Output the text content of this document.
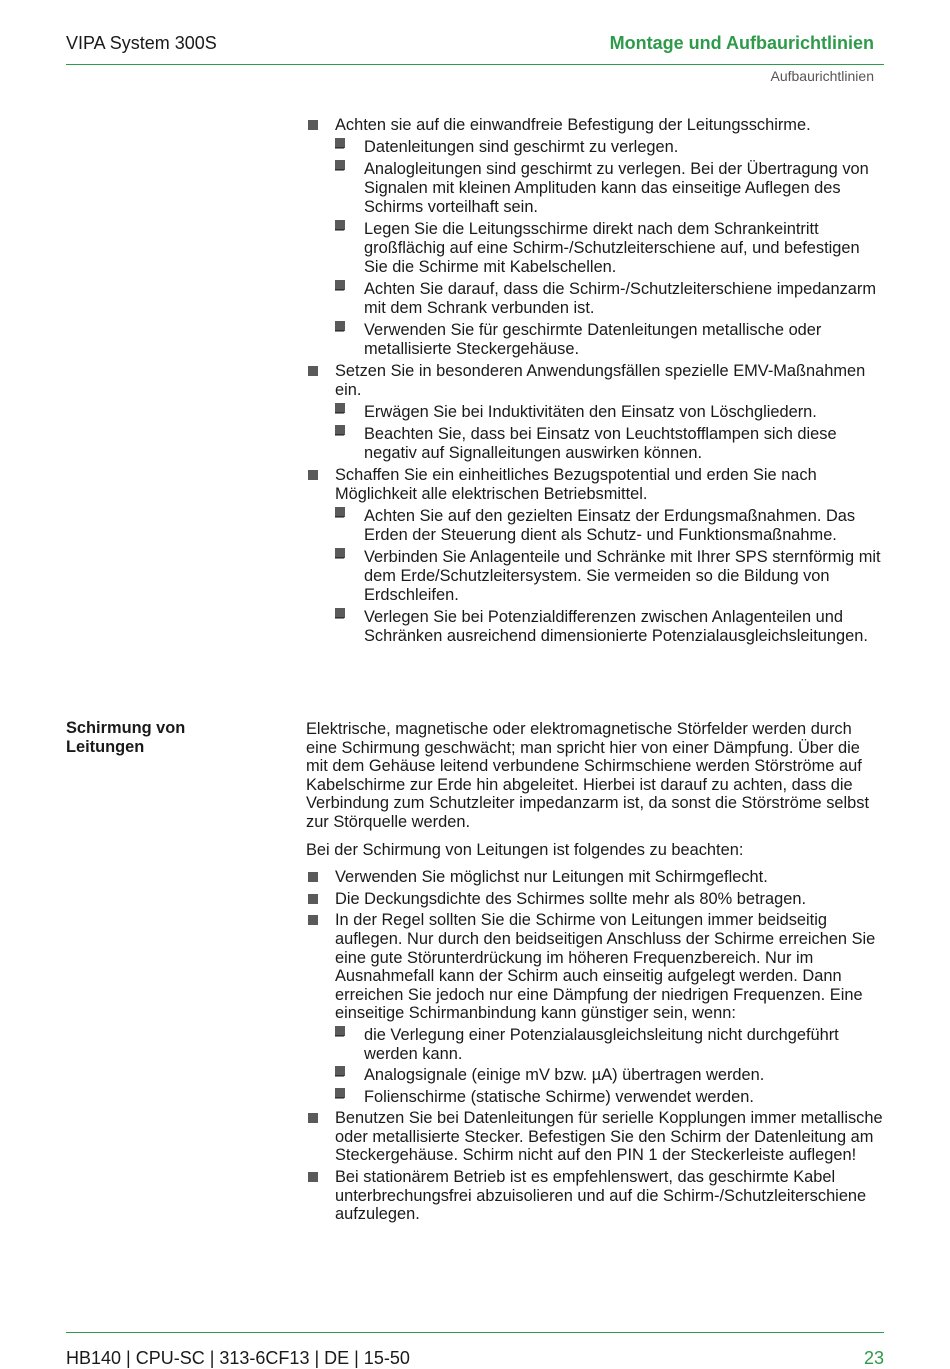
VIPA System 300S	Montage und Aufbaurichtlinien
Aufbaurichtlinien
Achten sie auf die einwandfreie Befestigung der Leitungsschirme.
– Datenleitungen sind geschirmt zu verlegen.
– Analogleitungen sind geschirmt zu verlegen. Bei der Übertragung von Signalen mit kleinen Amplituden kann das einseitige Auflegen des Schirms vorteilhaft sein.
– Legen Sie die Leitungsschirme direkt nach dem Schrankeintritt großflächig auf eine Schirm-/Schutzleiterschiene auf, und befestigen Sie die Schirme mit Kabelschellen.
– Achten Sie darauf, dass die Schirm-/Schutzleiterschiene impedanzarm mit dem Schrank verbunden ist.
– Verwenden Sie für geschirmte Datenleitungen metallische oder metallisierte Steckergehäuse.
Setzen Sie in besonderen Anwendungsfällen spezielle EMV-Maßnahmen ein.
– Erwägen Sie bei Induktivitäten den Einsatz von Löschgliedern.
– Beachten Sie, dass bei Einsatz von Leuchtstofflampen sich diese negativ auf Signalleitungen auswirken können.
Schaffen Sie ein einheitliches Bezugspotential und erden Sie nach Möglichkeit alle elektrischen Betriebsmittel.
– Achten Sie auf den gezielten Einsatz der Erdungsmaßnahmen. Das Erden der Steuerung dient als Schutz- und Funktionsmaßnahme.
– Verbinden Sie Anlagenteile und Schränke mit Ihrer SPS sternförmig mit dem Erde/Schutzleitersystem. Sie vermeiden so die Bildung von Erdschleifen.
– Verlegen Sie bei Potenzialdifferenzen zwischen Anlagenteilen und Schränken ausreichend dimensionierte Potenzialausgleichsleitungen.
Schirmung von Leitungen

Elektrische, magnetische oder elektromagnetische Störfelder werden durch eine Schirmung geschwächt; man spricht hier von einer Dämpfung. Über die mit dem Gehäuse leitend verbundene Schirmschiene werden Störströme auf Kabelschirme zur Erde hin abgeleitet. Hierbei ist darauf zu achten, dass die Verbindung zum Schutzleiter impedanzarm ist, da sonst die Störströme selbst zur Störquelle werden.

Bei der Schirmung von Leitungen ist folgendes zu beachten:

Verwenden Sie möglichst nur Leitungen mit Schirmgeflecht.
Die Deckungsdichte des Schirmes sollte mehr als 80% betragen.
In der Regel sollten Sie die Schirme von Leitungen immer beidseitig auflegen. Nur durch den beidseitigen Anschluss der Schirme erreichen Sie eine gute Störunterdrückung im höheren Frequenzbereich. Nur im Ausnahmefall kann der Schirm auch einseitig aufgelegt werden. Dann erreichen Sie jedoch nur eine Dämpfung der niedrigen Frequenzen. Eine einseitige Schirmanbindung kann günstiger sein, wenn:
– die Verlegung einer Potenzialausgleichsleitung nicht durchgeführt werden kann.
– Analogsignale (einige mV bzw. µA) übertragen werden.
– Folienschirme (statische Schirme) verwendet werden.
Benutzen Sie bei Datenleitungen für serielle Kopplungen immer metallische oder metallisierte Stecker. Befestigen Sie den Schirm der Datenleitung am Steckergehäuse. Schirm nicht auf den PIN 1 der Steckerleiste auflegen!
Bei stationärem Betrieb ist es empfehlenswert, das geschirmte Kabel unterbrechungsfrei abzuisolieren und auf die Schirm-/Schutzleiterschiene aufzulegen.
HB140 | CPU-SC | 313-6CF13 | DE | 15-50	23
